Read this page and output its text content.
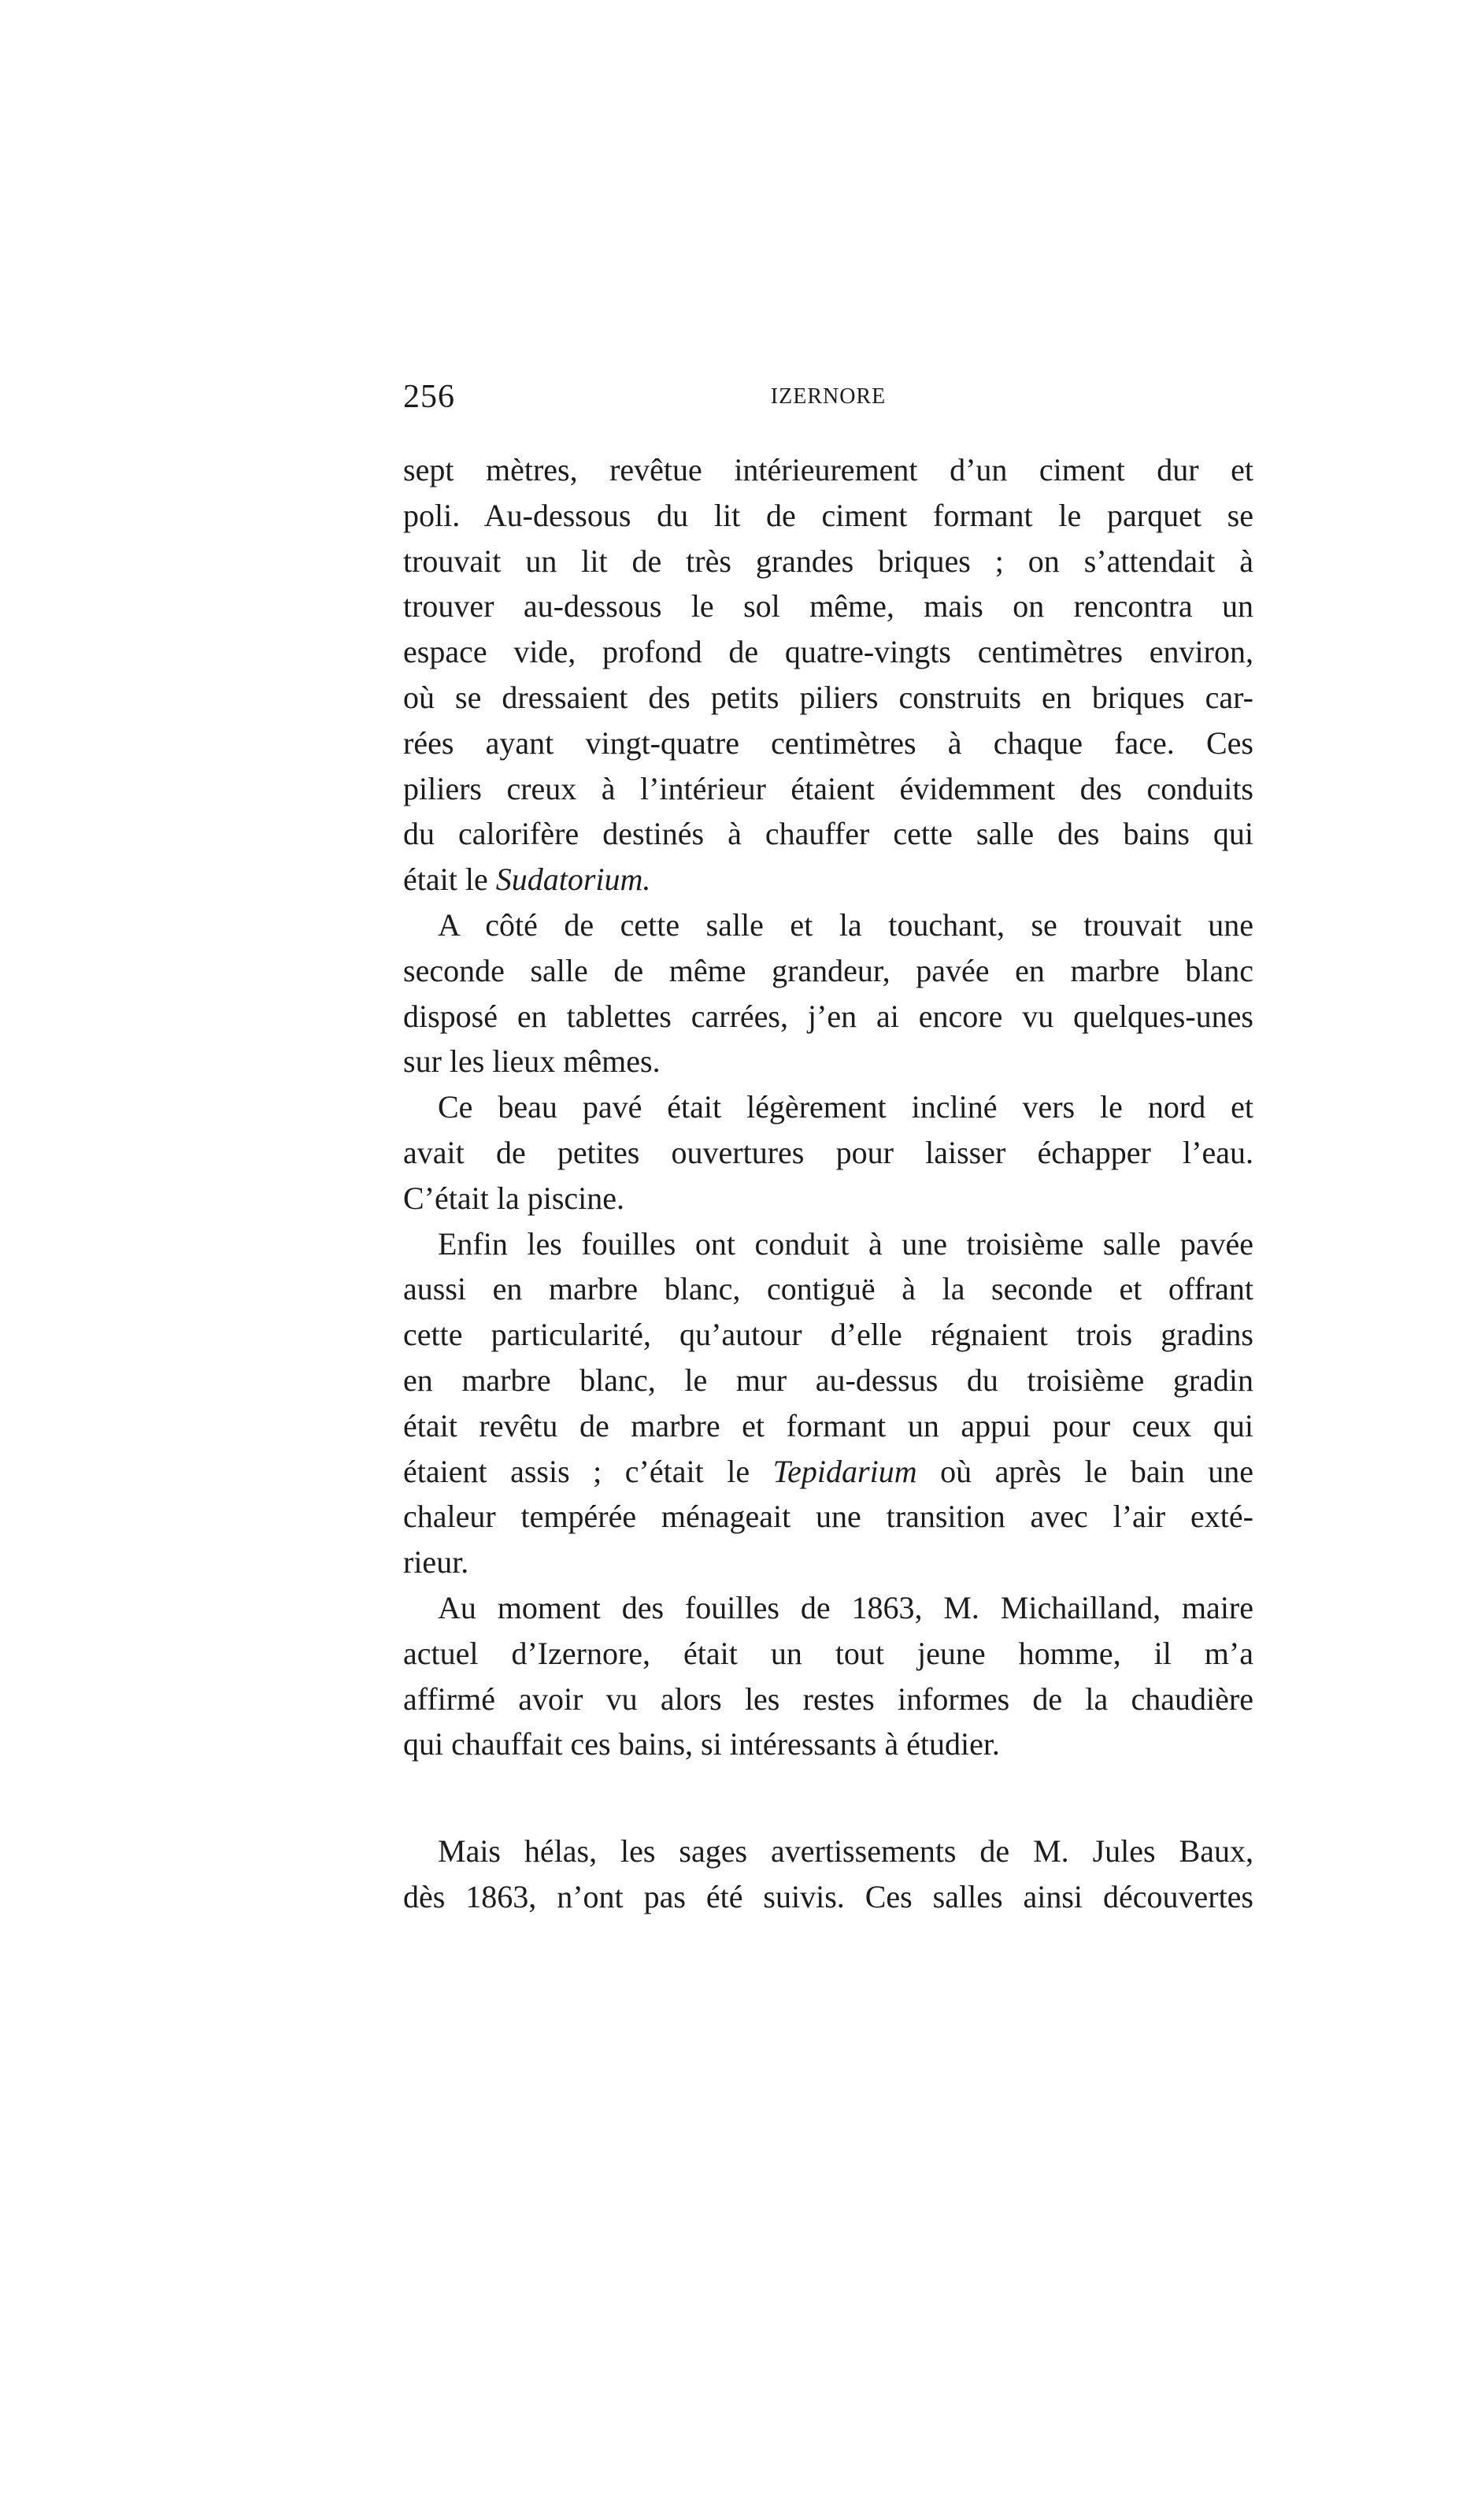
256	IZERNORE
sept mètres, revêtue intérieurement d’un ciment dur et
poli. Au-dessous du lit de ciment formant le parquet se
trouvait un lit de très grandes briques ; on s’attendait à
trouver au-dessous le sol même, mais on rencontra un
espace vide, profond de quatre-vingts centimètres environ,
où se dressaient des petits piliers construits en briques car-
rées ayant vingt-quatre centimètres à chaque face. Ces
piliers creux à l’intérieur étaient évidemment des conduits
du calorifère destinés à chauffer cette salle des bains qui
était le Sudatorium.
A côté de cette salle et la touchant, se trouvait une
seconde salle de même grandeur, pavée en marbre blanc
disposé en tablettes carrées, j’en ai encore vu quelques-unes
sur les lieux mêmes.
Ce beau pavé était légèrement incliné vers le nord et
avait de petites ouvertures pour laisser échapper l’eau.
C’était la piscine.
Enfin les fouilles ont conduit à une troisième salle pavée
aussi en marbre blanc, contiguë à la seconde et offrant
cette particularité, qu’autour d’elle régnaient trois gradins
en marbre blanc, le mur au-dessus du troisième gradin
était revêtu de marbre et formant un appui pour ceux qui
étaient assis ; c’était le Tepidarium où après le bain une
chaleur tempérée ménageait une transition avec l’air exté-
rieur.
Au moment des fouilles de 1863, M. Michailland, maire
actuel d’Izernore, était un tout jeune homme, il m’a
affirmé avoir vu alors les restes informes de la chaudière
qui chauffait ces bains, si intéressants à étudier.
Mais hélas, les sages avertissements de M. Jules Baux,
dès 1863, n’ont pas été suivis. Ces salles ainsi découvertes
